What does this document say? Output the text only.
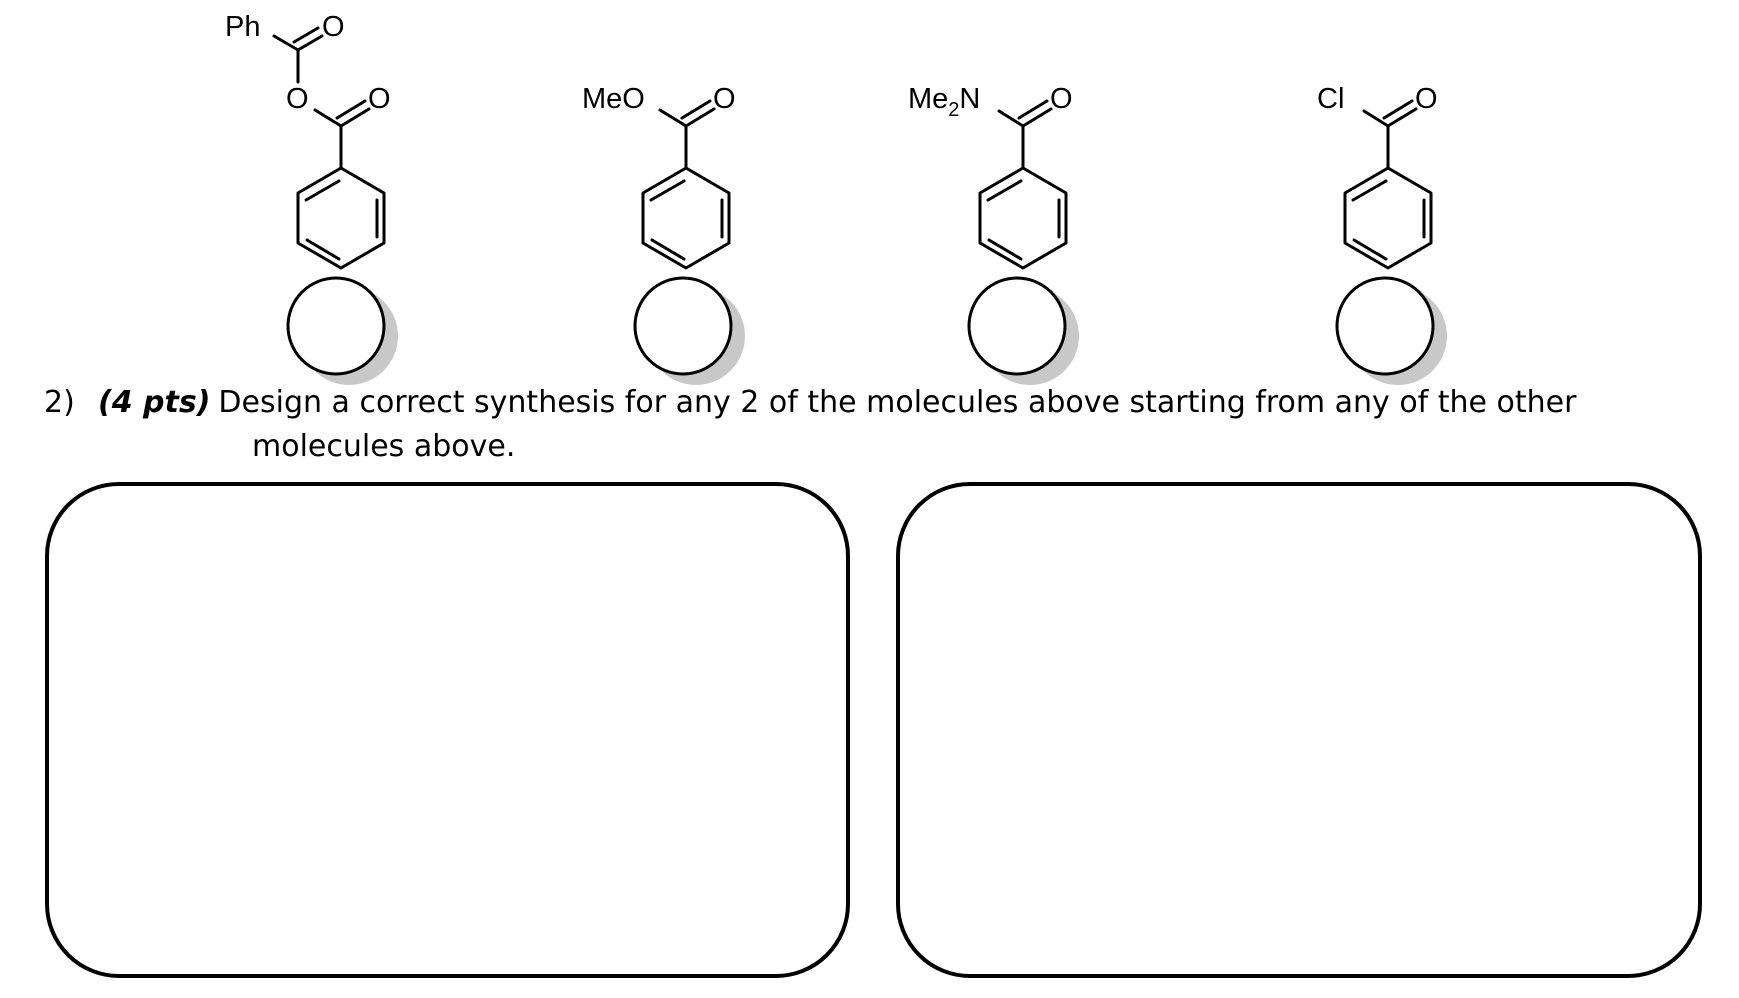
Ph O
O O	MeO O	$Me_2N$ O	Cl O
2) (4 pts) Design a correct synthesis for any 2 of the molecules above starting from any of the other
molecules above.
